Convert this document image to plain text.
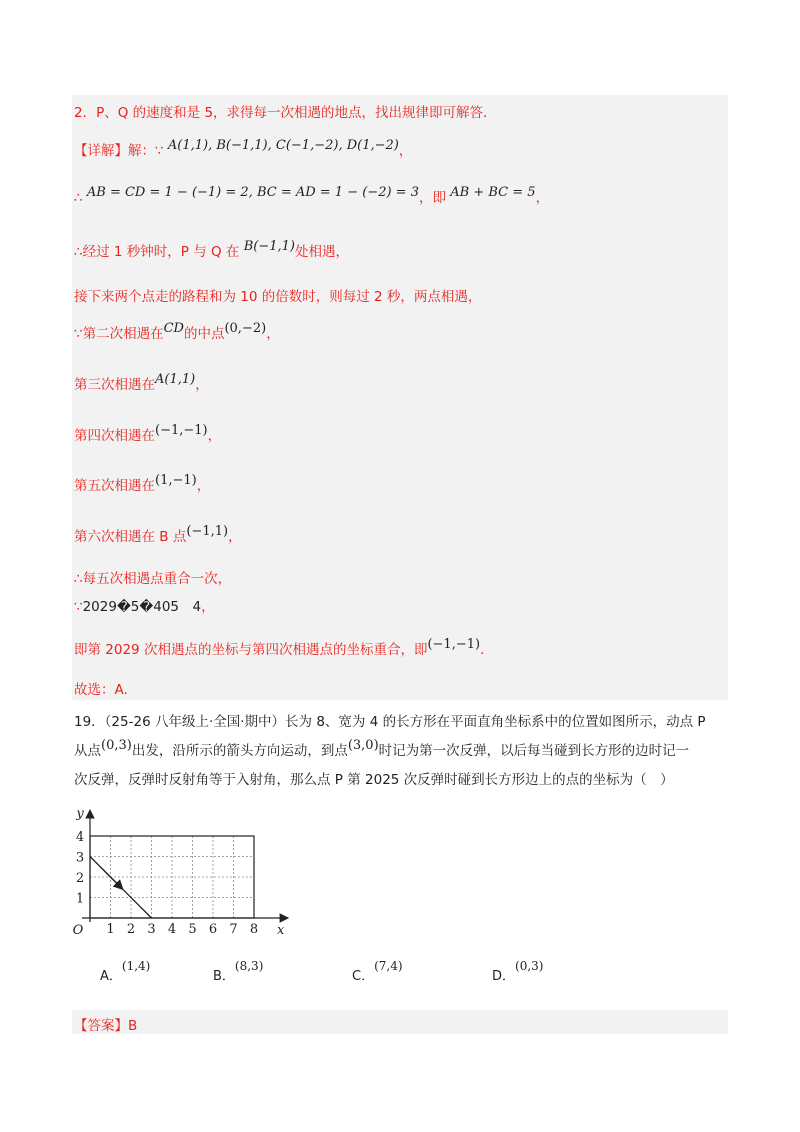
2．P、Q 的速度和是 5，求得每一次相遇的地点，找出规律即可解答．
【详解】解：∵ A(1,1), B(−1,1), C(−1,−2), D(1,−2)，
∴ AB = CD = 1 − (−1) = 2, BC = AD = 1 − (−2) = 3，即 AB + BC = 5，
∴经过 1 秒钟时，P 与 Q 在 B(−1,1)处相遇，
接下来两个点走的路程和为 10 的倍数时，则每过 2 秒，两点相遇，
∵第二次相遇在CD的中点(0,−2)，
第三次相遇在A(1,1)，
第四次相遇在(−1,−1)，
第五次相遇在(1,−1)，
第六次相遇在 B 点(−1,1)，
∴每五次相遇点重合一次，
∵2029�5�405　4，
即第 2029 次相遇点的坐标与第四次相遇点的坐标重合，即(−1,−1).
故选：A.
19．（25-26 八年级上·全国·期中）长为 8、宽为 4 的长方形在平面直角坐标系中的位置如图所示，动点 P
从点(0,3)出发，沿所示的箭头方向运动，到点(3,0)时记为第一次反弹，以后每当碰到长方形的边时记一
次反弹，反弹时反射角等于入射角，那么点 P 第 2025 次反弹时碰到长方形边上的点的坐标为（　）
1 2 3 4 5 6 7 8
1
2
3
4
O	x
y
A．(1,4)
B．(8,3)
C．(7,4)
D．(0,3)
【答案】B
